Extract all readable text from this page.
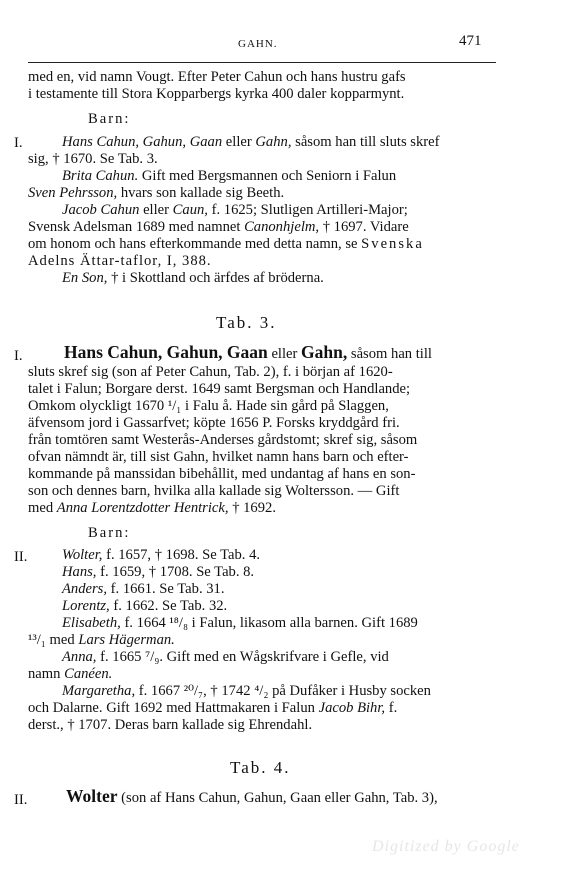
GAHN.	471
med en, vid namn Vougt. Efter Peter Cahun och hans hustru gafs
i testamente till Stora Kopparbergs kyrka 400 daler kopparmynt.
Barn:
I.	Hans Cahun, Gahun, Gaan eller Gahn, såsom han till sluts skref
sig, † 1670. Se Tab. 3.
Brita Cahun. Gift med Bergsmannen och Seniorn i Falun
Sven Pehrsson, hvars son kallade sig Beeth.
Jacob Cahun eller Caun, f. 1625; Slutligen Artilleri-Major;
Svensk Adelsman 1689 med namnet Canonhjelm, † 1697. Vidare
om honom och hans efterkommande med detta namn, se Svenska
Adelns Ättar-taflor, I, 388.
En Son, † i Skottland och ärfdes af bröderna.
Tab. 3.
I. Hans Cahun, Gahun, Gaan eller Gahn, såsom han till
sluts skref sig (son af Peter Cahun, Tab. 2), f. i början af 1620-
talet i Falun; Borgare derst. 1649 samt Bergsman och Handlande;
Omkom olyckligt 1670 ¹/₁ i Falu å. Hade sin gård på Slaggen,
äfvensom jord i Gassarfvet; köpte 1656 P. Forsks kryddgård fri.
från tomtören samt Westerås-Anderses gårdstomt; skref sig, såsom
ofvan nämndt är, till sist Gahn, hvilket namn hans barn och efter-
kommande på manssidan bibehållit, med undantag af hans en son-
son och dennes barn, hvilka alla kallade sig Woltersson. — Gift
med Anna Lorentzdotter Hentrick, † 1692.
Barn:
II. Wolter, f. 1657, † 1698. Se Tab. 4.
Hans, f. 1659, † 1708. Se Tab. 8.
Anders, f. 1661. Se Tab. 31.
Lorentz, f. 1662. Se Tab. 32.
Elisabeth, f. 1664 ¹⁸/₈ i Falun, likasom alla barnen. Gift 1689
¹³/₁ med Lars Hägerman.
Anna, f. 1665 ⁷/₉. Gift med en Wågskrifvare i Gefle, vid
namn Canéen.
Margaretha, f. 1667 ²⁰/₇, † 1742 ⁴/₂ på Dufåker i Husby socken
och Dalarne. Gift 1692 med Hattmakaren i Falun Jacob Bihr, f.
derst., † 1707. Deras barn kallade sig Ehrendahl.
Tab. 4.
II. Wolter (son af Hans Cahun, Gahun, Gaan eller Gahn, Tab. 3),
Digitized by Google
